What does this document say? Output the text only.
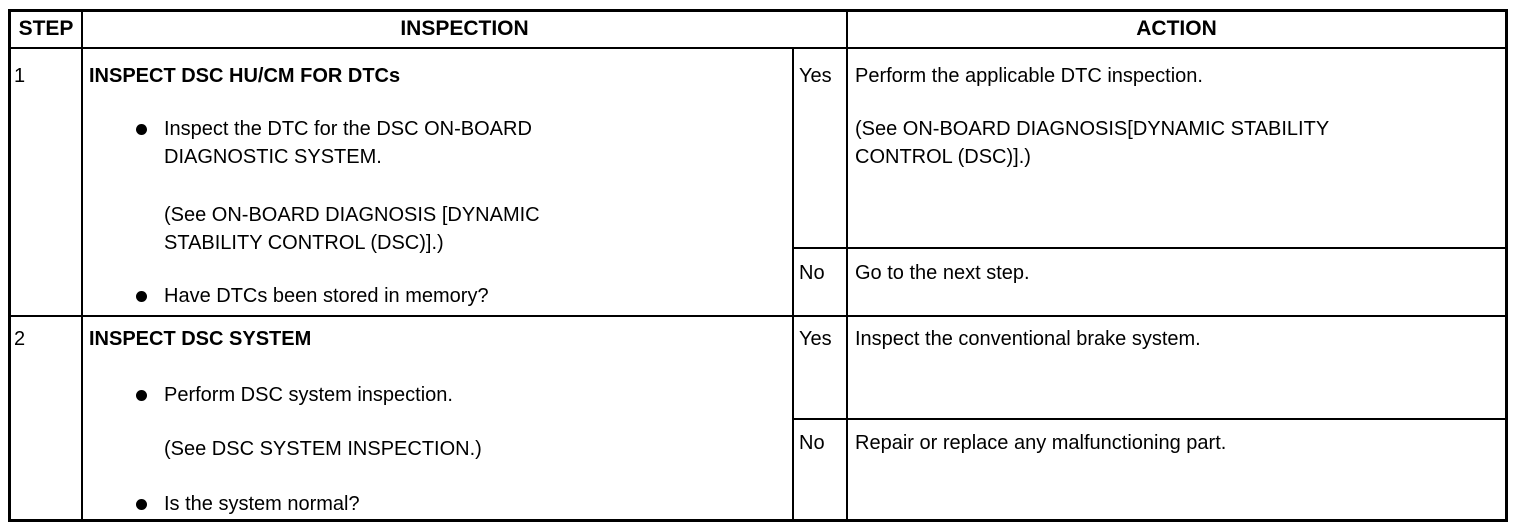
STEP	INSPECTION	ACTION
1	INSPECT DSC HU/CM FOR DTCs
Inspect the DTC for the DSC ON-BOARD
DIAGNOSTIC SYSTEM.
(See ON-BOARD DIAGNOSIS [DYNAMIC
STABILITY CONTROL (DSC)].)
Have DTCs been stored in memory?
Yes Perform the applicable DTC inspection.
(See ON-BOARD DIAGNOSIS[DYNAMIC STABILITY
CONTROL (DSC)].)
No Go to the next step.
2	INSPECT DSC SYSTEM
Perform DSC system inspection.
(See DSC SYSTEM INSPECTION.)
Is the system normal?
Yes Inspect the conventional brake system.
No Repair or replace any malfunctioning part.
